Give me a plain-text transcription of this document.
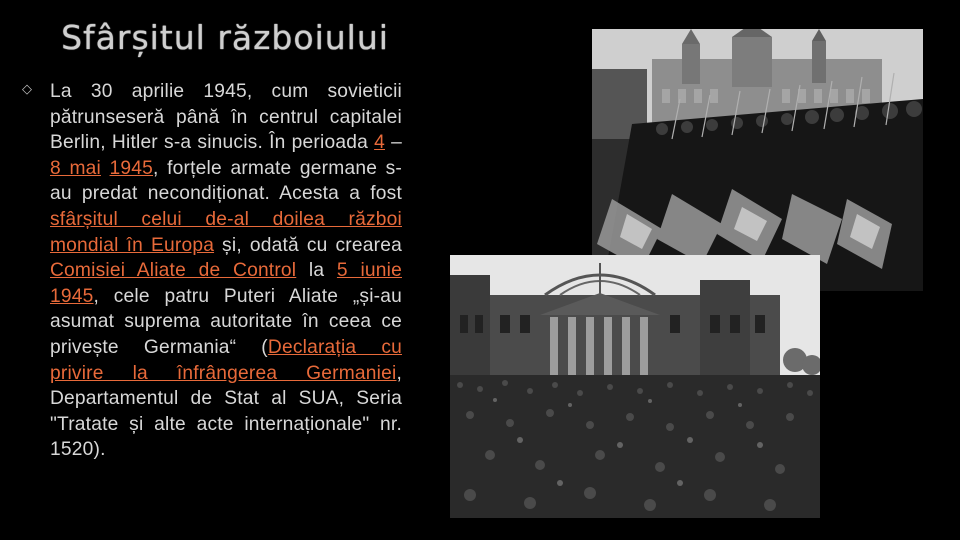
Sfârșitul războiului
◇ La 30 aprilie 1945, cum sovieticii pătrunseseră până în centrul capitalei Berlin, Hitler s-a sinucis. În perioada 4 – 8 mai 1945, forțele armate germane s-au predat necondiționat. Acesta a fost sfârșitul celui de-al doilea război mondial în Europa și, odată cu crearea Comisiei Aliate de Control la 5 iunie 1945, cele patru Puteri Aliate „și-au asumat suprema autoritate în ceea ce privește Germania“ (Declarația cu privire la înfrângerea Germaniei, Departamentul de Stat al SUA, Seria "Tratate și alte acte internaționale" nr. 1520).
